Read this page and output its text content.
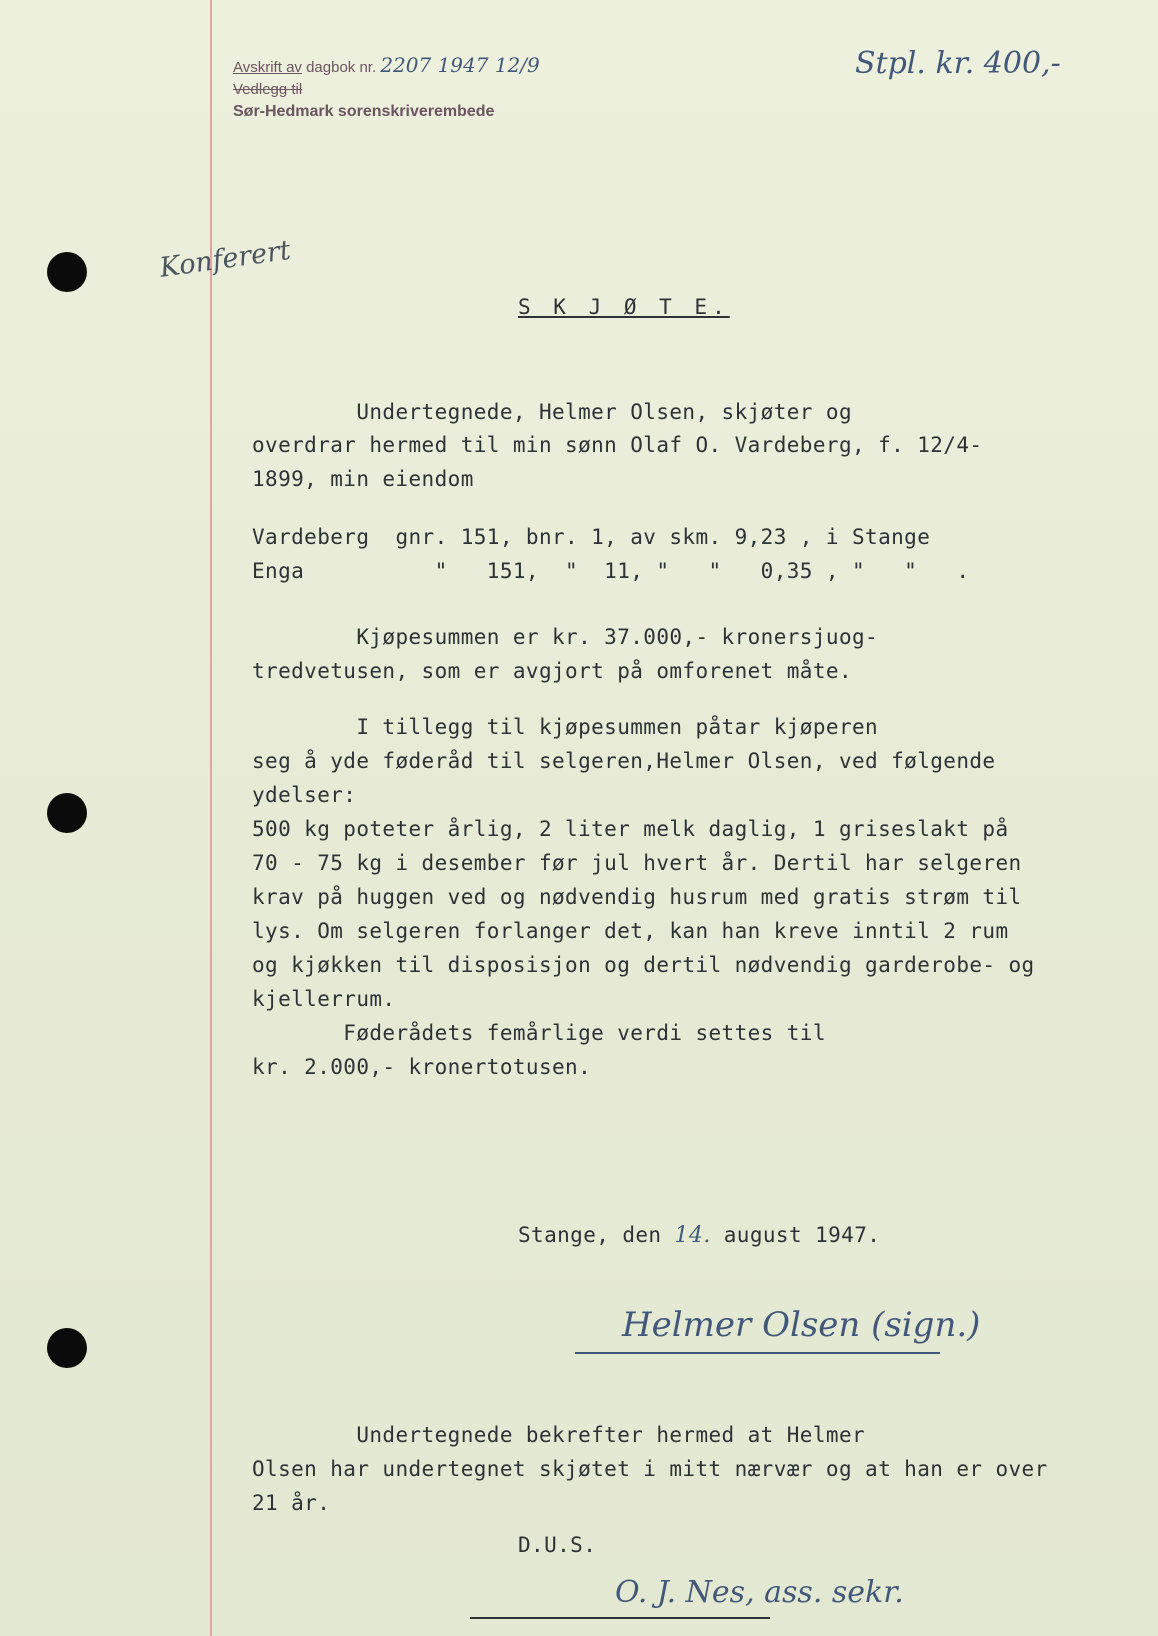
Avskrift av dagbok nr. 2207 1947 12/9
Vedlegg til
Sør-Hedmark sorenskriverembede
Stpl. kr. 400,-
Konferert
S K J Ø T E.
Undertegnede, Helmer Olsen, skjøter og
overdrar hermed til min sønn Olaf O. Vardeberg, f. 12/4-
1899, min eiendom
Vardeberg  gnr. 151, bnr. 1, av skm. 9,23 , i Stange
Enga          "   151,  "  11, "   "   0,35 , "   "   .
Kjøpesummen er kr. 37.000,- kronersjuog-
tredvetusen, som er avgjort på omforenet måte.
I tillegg til kjøpesummen påtar kjøperen
seg å yde føderåd til selgeren,Helmer Olsen, ved følgende
ydelser:
500 kg poteter årlig, 2 liter melk daglig, 1 griseslakt på
70 - 75 kg i desember før jul hvert år. Dertil har selgeren
krav på huggen ved og nødvendig husrum med gratis strøm til
lys. Om selgeren forlanger det, kan han kreve inntil 2 rum
og kjøkken til disposisjon og dertil nødvendig garderobe- og
kjellerrum.
Føderådets femårlige verdi settes til
kr. 2.000,- kronertotusen.
Stange, den 14. august 1947.
Helmer Olsen (sign.)
Undertegnede bekrefter hermed at Helmer
Olsen har undertegnet skjøtet i mitt nærvær og at han er over
21 år.
D.U.S.
O. J. Nes, ass. sekr.
